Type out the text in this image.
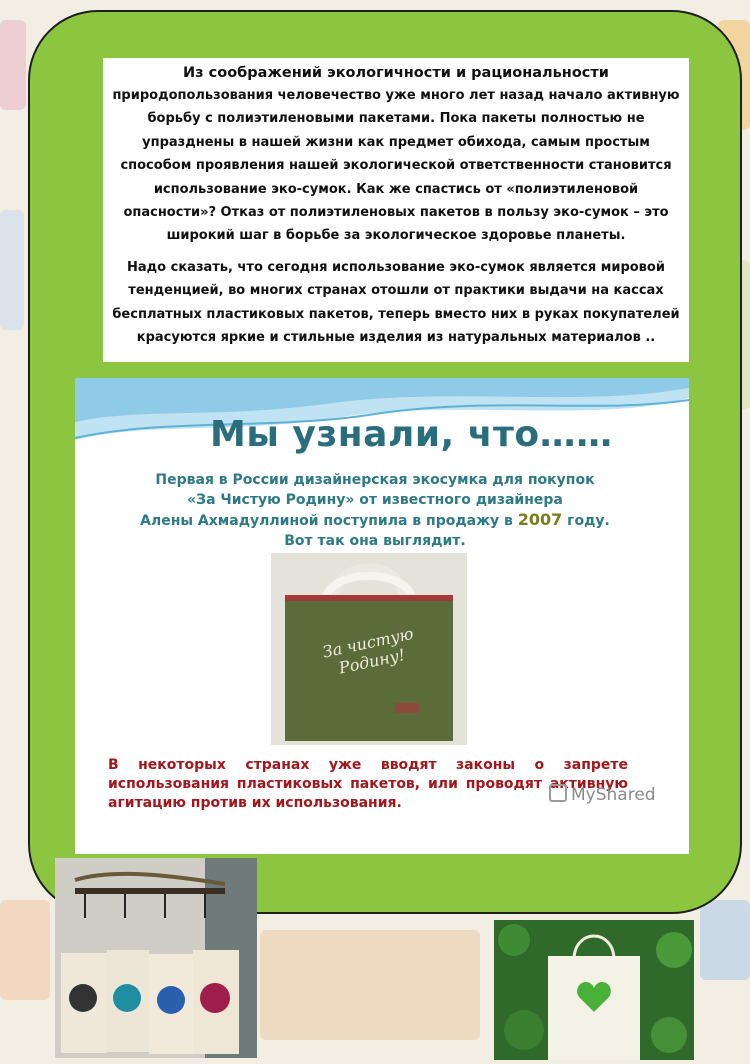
Из соображений экологичности и рациональности

природопользования человечество уже много лет назад начало активную борьбу с полиэтиленовыми пакетами. Пока пакеты полностью не упразднены в нашей жизни как предмет обихода, самым простым способом проявления нашей экологической ответственности становится использование эко-сумок. Как же спастись от «полиэтиленовой опасности»? Отказ от полиэтиленовых пакетов в пользу эко-сумок – это широкий шаг в борьбе за экологическое здоровье планеты.

Надо сказать, что сегодня использование эко-сумок является мировой тенденцией, во многих странах отошли от практики выдачи на кассах бесплатных пластиковых пакетов, теперь вместо них в руках покупателей красуются яркие и стильные изделия из натуральных материалов ..

Мы узнали, что……
Первая в России дизайнерская экосумка для покупок
«За Чистую Родину» от известного дизайнера
Алены Ахмадуллиной поступила в продажу в 2007 году.
Вот так она выглядит.
За чистую Родину!

В некоторых странах уже вводят законы о запрете использования пластиковых пакетов, или проводят активную агитацию против их использования.	MyShared
